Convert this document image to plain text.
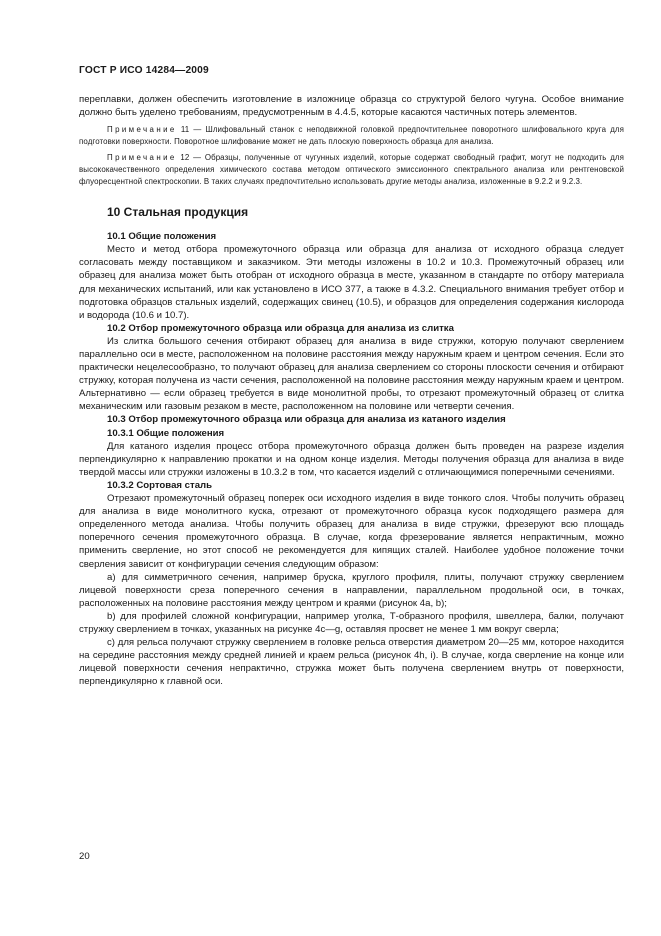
ГОСТ Р ИСО 14284—2009

переплавки, должен обеспечить изготовление в изложнице образца со структурой белого чугуна. Особое внимание должно быть уделено требованиям, предусмотренным в 4.4.5, которые касаются частичных потерь элементов.

Примечание 11 — Шлифовальный станок с неподвижной головкой предпочтительнее поворотного шлифовального круга для подготовки поверхности. Поворотное шлифование может не дать плоскую поверхность образца для анализа.

Примечание 12 — Образцы, полученные от чугунных изделий, которые содержат свободный графит, могут не подходить для высококачественного определения химического состава методом оптического эмиссионного спектрального анализа или рентгеновской флуоресцентной спектроскопии. В таких случаях предпочтительно использовать другие методы анализа, изложенные в 9.2.2 и 9.2.3.

10 Стальная продукция
10.1 Общие положения

Место и метод отбора промежуточного образца или образца для анализа от исходного образца следует согласовать между поставщиком и заказчиком. Эти методы изложены в 10.2 и 10.3. Промежуточный образец или образец для анализа может быть отобран от исходного образца в месте, указанном в стандарте по отбору материала для механических испытаний, или как установлено в ИСО 377, а также в 4.3.2. Специального внимания требует отбор и подготовка образцов стальных изделий, содержащих свинец (10.5), и образцов для определения содержания кислорода и водорода (10.6 и 10.7).

10.2 Отбор промежуточного образца или образца для анализа из слитка

Из слитка большого сечения отбирают образец для анализа в виде стружки, которую получают сверлением параллельно оси в месте, расположенном на половине расстояния между наружным краем и центром сечения. Если это практически нецелесообразно, то получают образец для анализа сверлением со стороны плоскости сечения и отбирают стружку, которая получена из части сечения, расположенной на половине расстояния между наружным краем и центром. Альтернативно — если образец требуется в виде монолитной пробы, то отрезают промежуточный образец от слитка механическим или газовым резаком в месте, расположенном на половине или четверти сечения.

10.3 Отбор промежуточного образца или образца для анализа из катаного изделия
10.3.1 Общие положения

Для катаного изделия процесс отбора промежуточного образца должен быть проведен на разрезе изделия перпендикулярно к направлению прокатки и на одном конце изделия. Методы получения образца для анализа в виде твердой массы или стружки изложены в 10.3.2 в том, что касается изделий с отличающимися поперечными сечениями.

10.3.2 Сортовая сталь

Отрезают промежуточный образец поперек оси исходного изделия в виде тонкого слоя. Чтобы получить образец для анализа в виде монолитного куска, отрезают от промежуточного образца кусок подходящего размера для определенного метода анализа. Чтобы получить образец для анализа в виде стружки, фрезеруют всю площадь поперечного сечения промежуточного образца. В случае, когда фрезерование является непрактичным, можно применить сверление, но этот способ не рекомендуется для кипящих сталей. Наиболее удобное положение точки сверления зависит от конфигурации сечения следующим образом:

а) для симметричного сечения, например бруска, круглого профиля, плиты, получают стружку сверлением лицевой поверхности среза поперечного сечения в направлении, параллельном продольной оси, в точках, расположенных на половине расстояния между центром и краями (рисунок 4а, b);

b) для профилей сложной конфигурации, например уголка, Т-образного профиля, швеллера, балки, получают стружку сверлением в точках, указанных на рисунке 4с—g, оставляя просвет не менее 1 мм вокруг сверла;

с) для рельса получают стружку сверлением в головке рельса отверстия диаметром 20—25 мм, которое находится на середине расстояния между средней линией и краем рельса (рисунок 4h, i). В случае, когда сверление на конце или лицевой поверхности сечения непрактично, стружка может быть получена сверлением внутрь от поверхности, перпендикулярно к главной оси.

20
